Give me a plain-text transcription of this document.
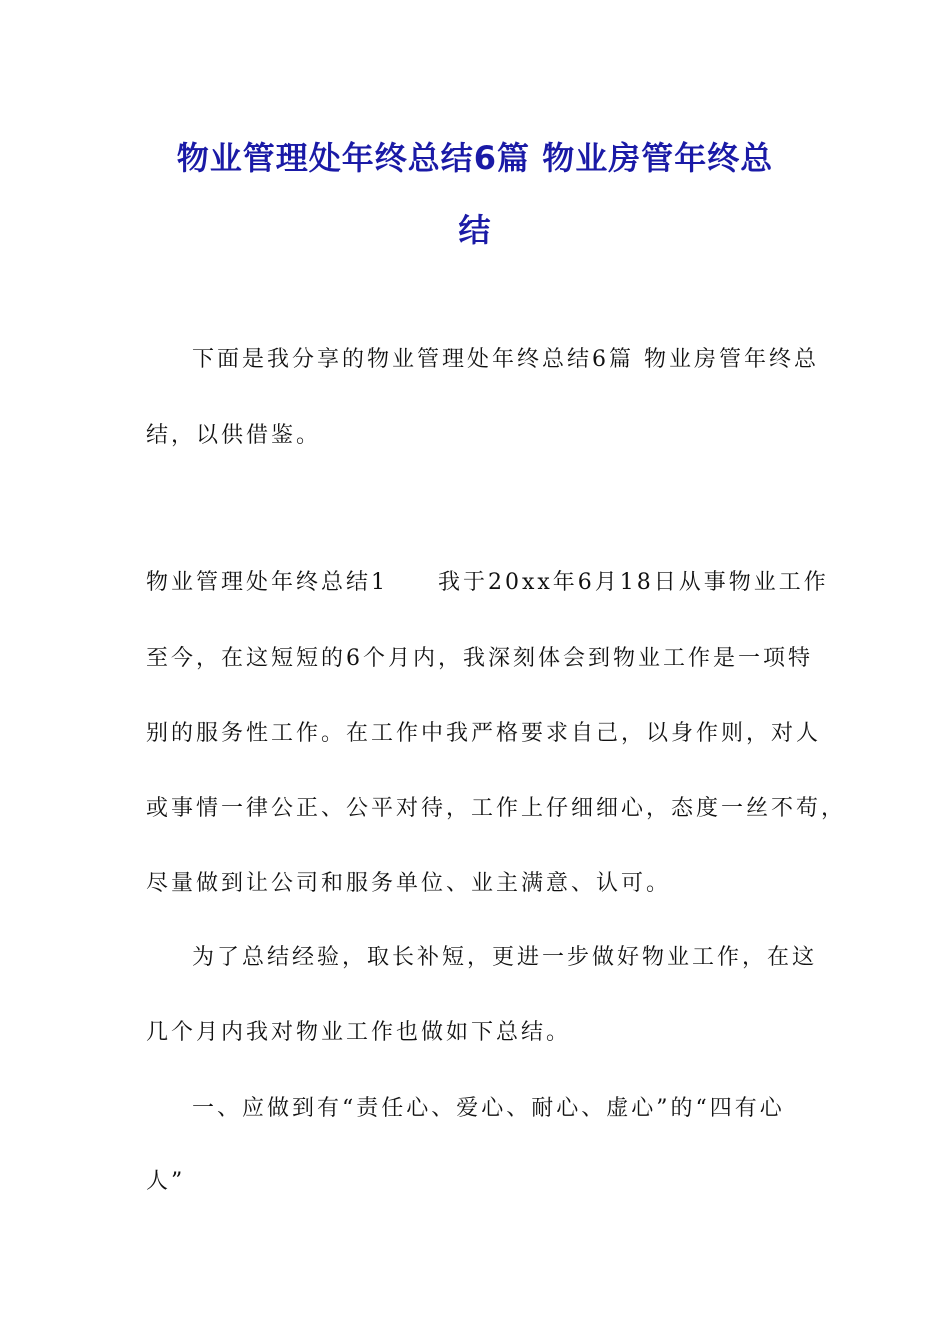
物业管理处年终总结6篇 物业房管年终总
结
下面是我分享的物业管理处年终总结6篇 物业房管年终总
结，以供借鉴。
物业管理处年终总结1　　我于20xx年6月18日从事物业工作
至今，在这短短的6个月内，我深刻体会到物业工作是一项特
别的服务性工作。在工作中我严格要求自己，以身作则，对人
或事情一律公正、公平对待，工作上仔细细心，态度一丝不苟，
尽量做到让公司和服务单位、业主满意、认可。
为了总结经验，取长补短，更进一步做好物业工作，在这
几个月内我对物业工作也做如下总结。
一、应做到有“责任心、爱心、耐心、虚心”的“四有心
人”
